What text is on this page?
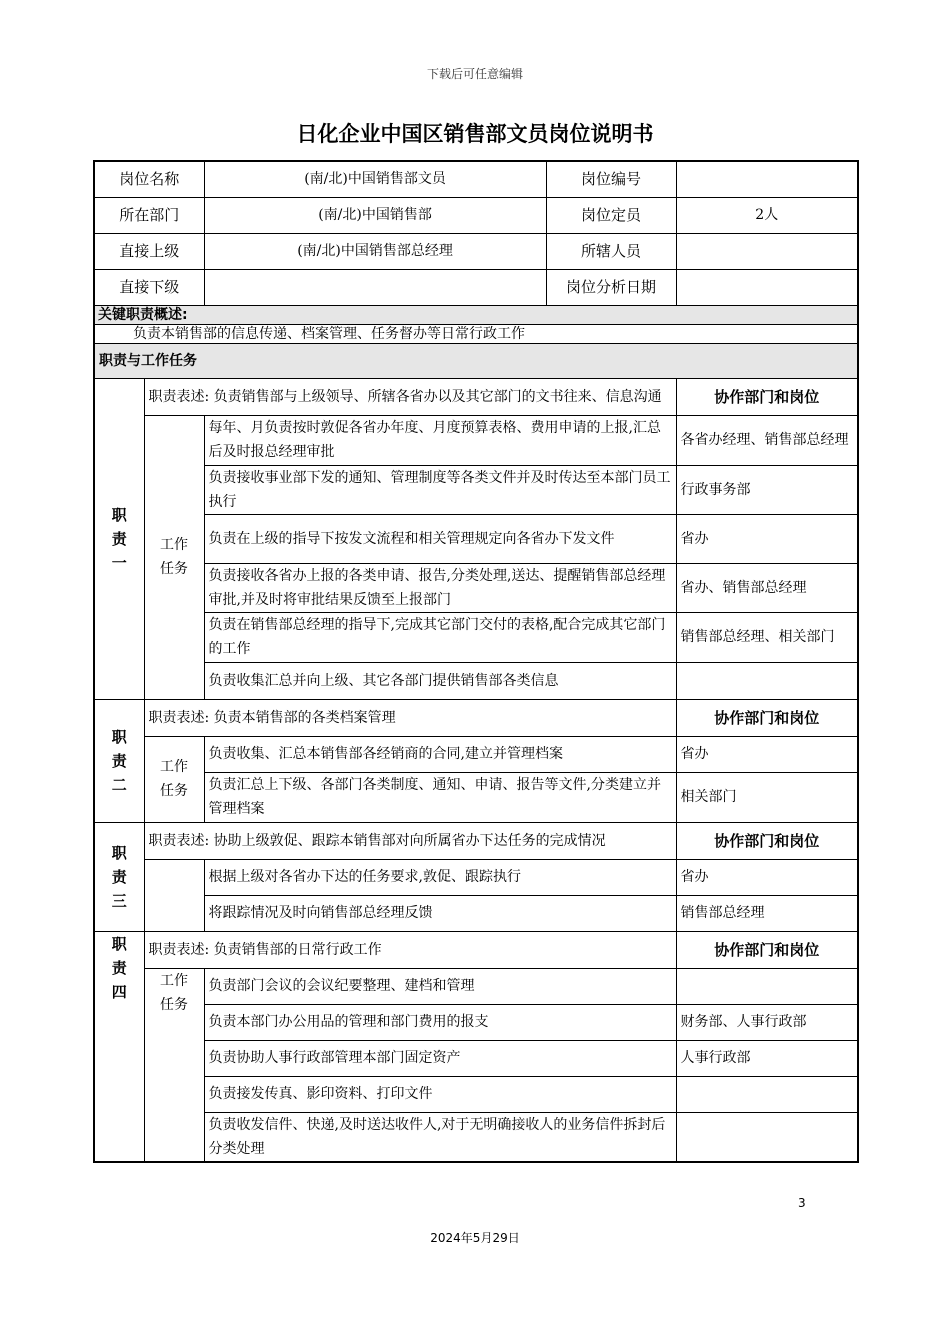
下载后可任意编辑
日化企业中国区销售部文员岗位说明书
岗位名称		(南/北)中国销售部文员	岗位编号	
所在部门		(南/北)中国销售部	岗位定员	2人
直接上级		(南/北)中国销售部总经理	所辖人员	
直接下级			岗位分析日期	

关键职责概述:
负责本销售部的信息传递、档案管理、任务督办等日常行政工作				

职责与工作任务				
职责一	职责表述: 负责销售部与上级领导、所辖各省办以及其它部门的文书往来、信息沟通			协作部门和岗位
	工作任务	每年、月负责按时敦促各省办年度、月度预算表格、费用申请的上报,汇总后及时报总经理审批		各省办经理、销售部总经理
		负责接收事业部下发的通知、管理制度等各类文件并及时传达至本部门员工执行		行政事务部
		负责在上级的指导下按发文流程和相关管理规定向各省办下发文件		省办
		负责接收各省办上报的各类申请、报告,分类处理,送达、提醒销售部总经理审批,并及时将审批结果反馈至上报部门		省办、销售部总经理
		负责在销售部总经理的指导下,完成其它部门交付的表格,配合完成其它部门的工作		销售部总经理、相关部门
		负责收集汇总并向上级、其它各部门提供销售部各类信息		
职责二	职责表述: 负责本销售部的各类档案管理			协作部门和岗位
	工作任务	负责收集、汇总本销售部各经销商的合同,建立并管理档案		省办
		负责汇总上下级、各部门各类制度、通知、申请、报告等文件,分类建立并管理档案		相关部门
职责三	职责表述: 协助上级敦促、跟踪本销售部对向所属省办下达任务的完成情况			协作部门和岗位
		根据上级对各省办下达的任务要求,敦促、跟踪执行		省办
		将跟踪情况及时向销售部总经理反馈		销售部总经理
职责四	职责表述: 负责销售部的日常行政工作			协作部门和岗位
	工作任务	负责部门会议的会议纪要整理、建档和管理		
		负责本部门办公用品的管理和部门费用的报支		财务部、人事行政部
		负责协助人事行政部管理本部门固定资产		人事行政部
		负责接发传真、影印资料、打印文件		
		负责收发信件、快递,及时送达收件人,对于无明确接收人的业务信件拆封后分类处理		
3
2024年5月29日
